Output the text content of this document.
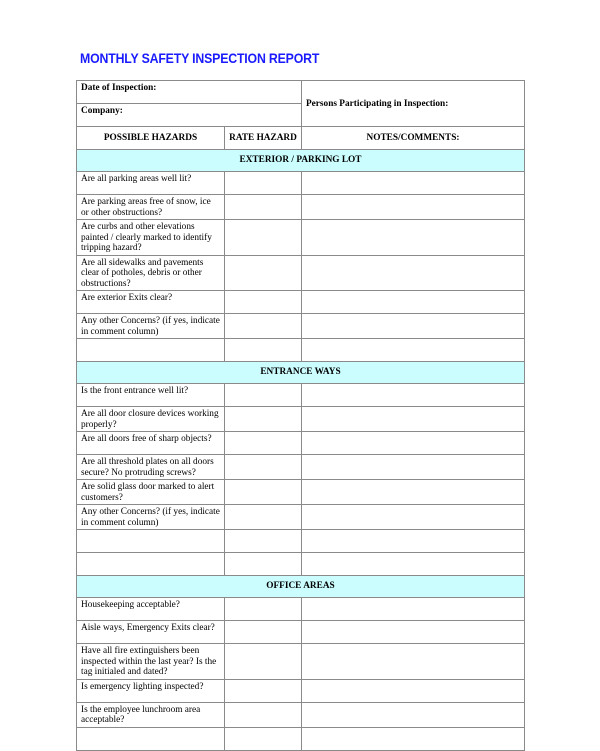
MONTHLY SAFETY INSPECTION REPORT
Date of Inspection:		Persons Participating in Inspection:
Company:		
POSSIBLE HAZARDS	RATE HAZARD	NOTES/COMMENTS:
EXTERIOR / PARKING LOT		
Are all parking areas well lit?		
Are parking areas free of snow, ice or other obstructions?		
Are curbs and other elevations painted / clearly marked to identify tripping hazard?		
Are all sidewalks and pavements clear of potholes, debris or other obstructions?		
Are exterior Exits clear?		
Any other Concerns? (if yes, indicate in comment column)		

ENTRANCE WAYS		
Is the front entrance well lit?		
Are all door closure devices working properly?		
Are all doors free of sharp objects?		
Are all threshold plates on all doors secure? No protruding screws?		
Are solid glass door marked to alert customers?		
Any other Concerns? (if yes, indicate in comment column)		

OFFICE AREAS		
Housekeeping acceptable?		
Aisle ways, Emergency Exits clear?		
Have all fire extinguishers been inspected within the last year? Is the tag initialed and dated?		
Is emergency lighting inspected?		
Is the employee lunchroom area acceptable?		
